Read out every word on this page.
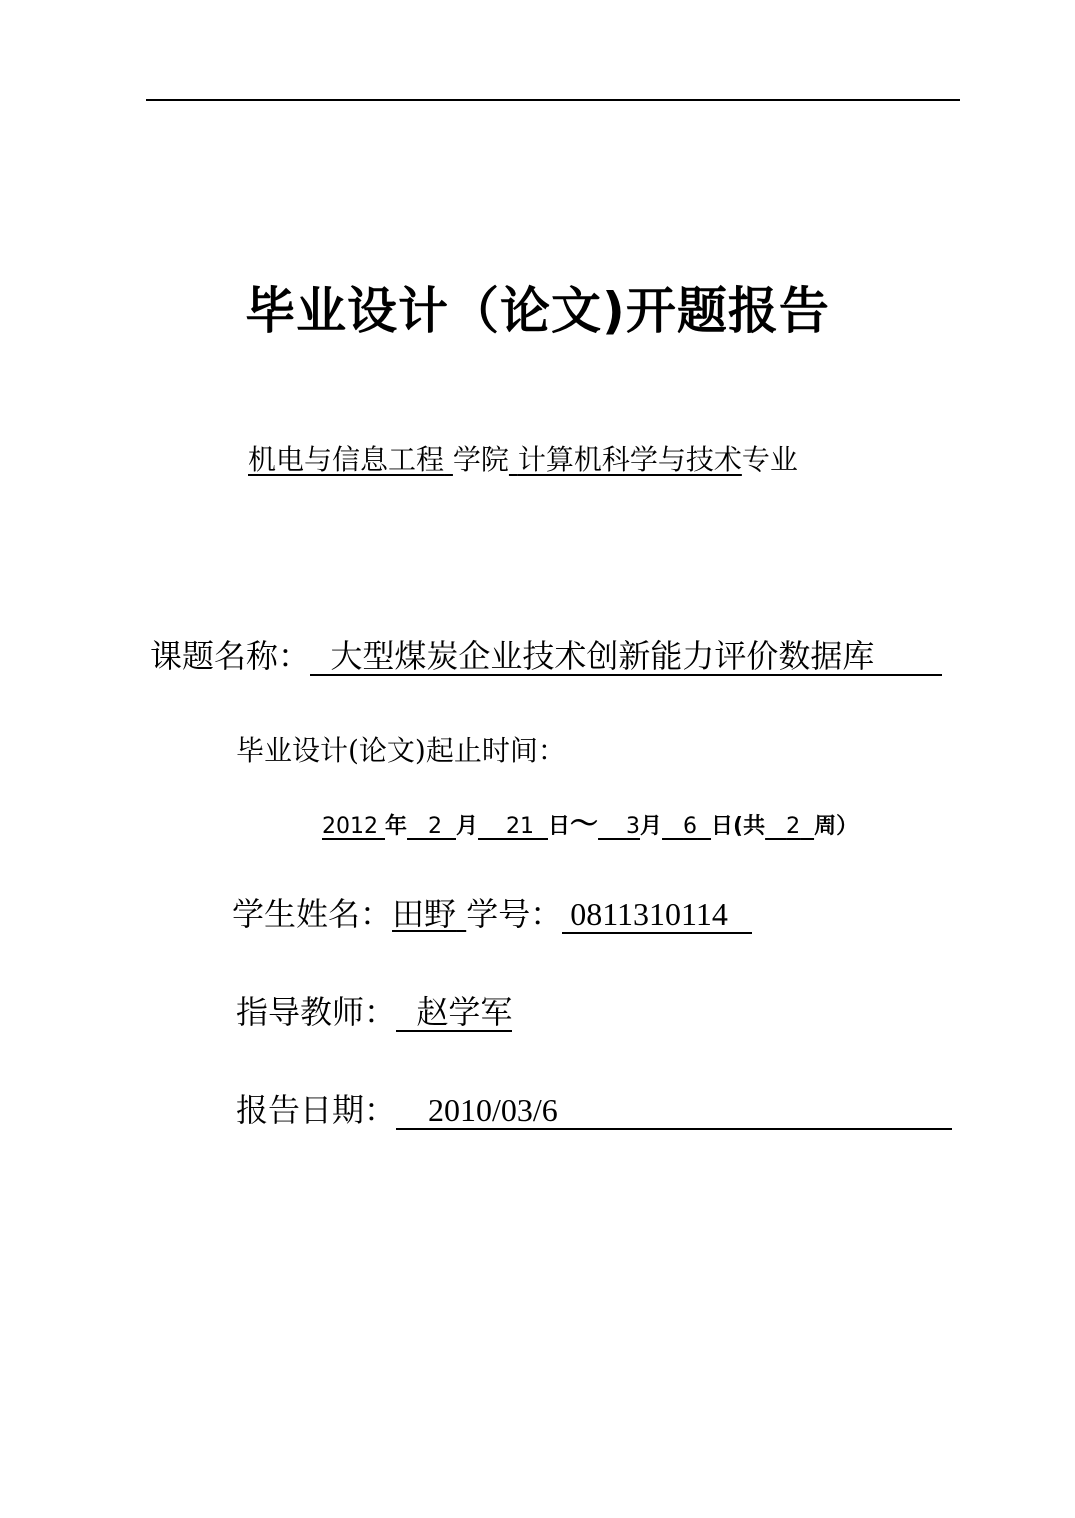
毕业设计（论文)开题报告
机电与信息工程 学院 计算机科学与技术专业
课题名称： 大型煤炭企业技术创新能力评价数据库
毕业设计(论文)起止时间：
2012 年 2 月 21 日～ 3月 6 日(共 2 周）
学生姓名：田野 学号： 0811310114
指导教师： 赵学军
报告日期： 2010/03/6
